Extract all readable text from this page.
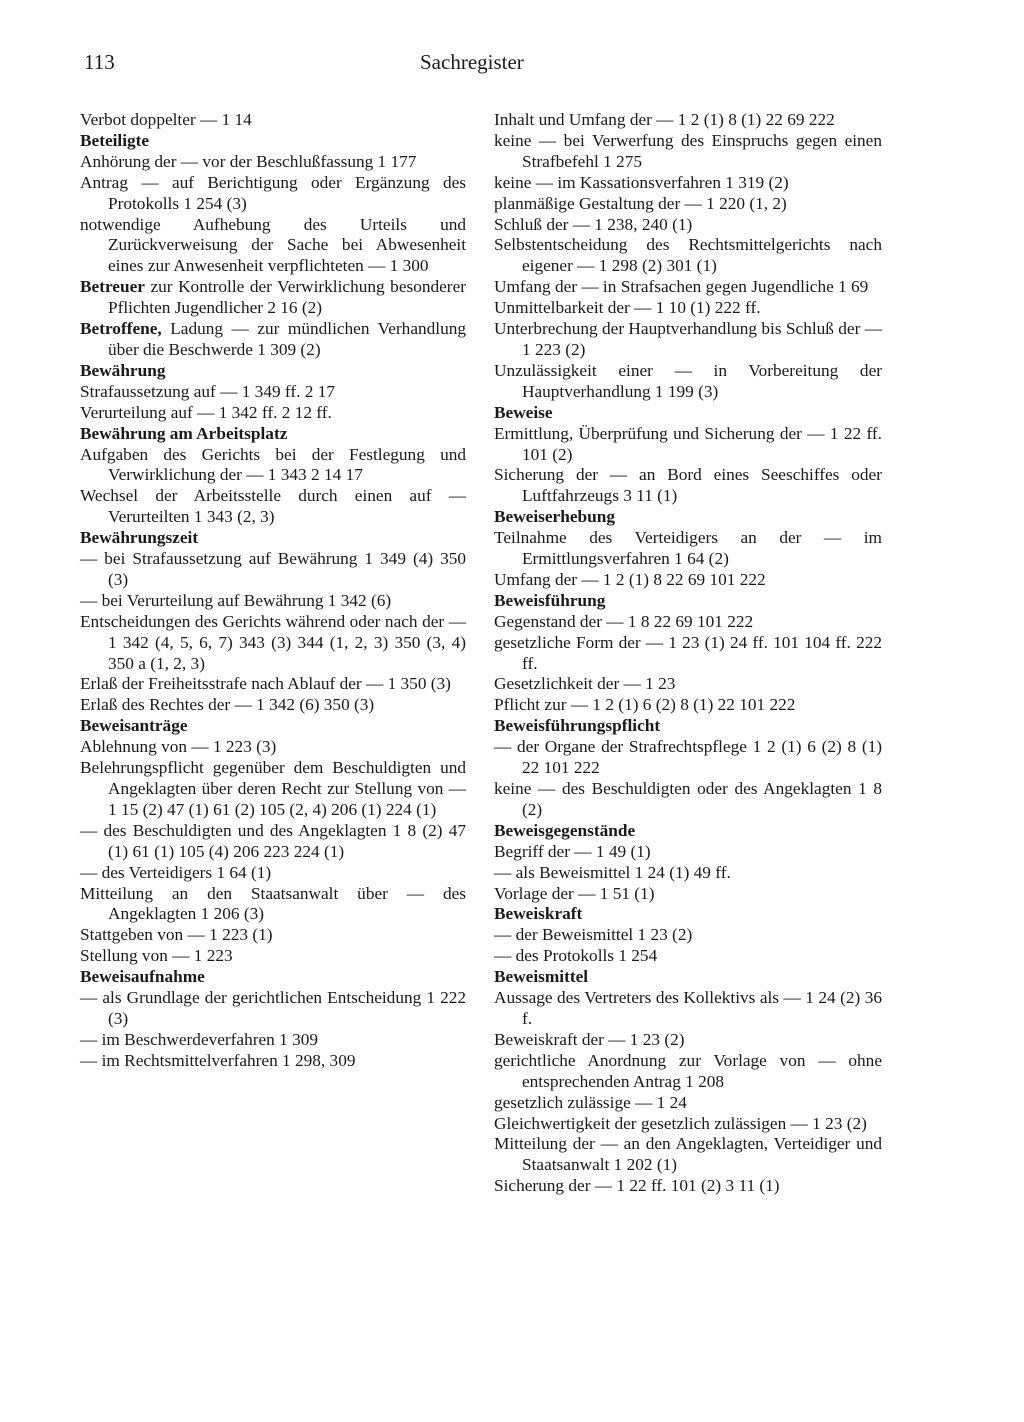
113	Sachregister
Verbot doppelter — 1 14
Beteiligte
Anhörung der — vor der Beschlußfassung 1 177
Antrag — auf Berichtigung oder Ergänzung des Protokolls 1 254 (3)
notwendige Aufhebung des Urteils und Zurückverweisung der Sache bei Abwesenheit eines zur Anwesenheit verpflichteten — 1 300
Betreuer zur Kontrolle der Verwirklichung besonderer Pflichten Jugendlicher 2 16 (2)
Betroffene, Ladung — zur mündlichen Verhandlung über die Beschwerde 1 309 (2)
Bewährung
Strafaussetzung auf — 1 349 ff. 2 17
Verurteilung auf — 1 342 ff. 2 12 ff.
Bewährung am Arbeitsplatz
Aufgaben des Gerichts bei der Festlegung und Verwirklichung der — 1 343 2 14 17
Wechsel der Arbeitsstelle durch einen auf — Verurteilten 1 343 (2, 3)
Bewährungszeit
— bei Strafaussetzung auf Bewährung 1 349 (4) 350 (3)
— bei Verurteilung auf Bewährung 1 342 (6)
Entscheidungen des Gerichts während oder nach der — 1 342 (4, 5, 6, 7) 343 (3) 344 (1, 2, 3) 350 (3, 4) 350 a (1, 2, 3)
Erlaß der Freiheitsstrafe nach Ablauf der — 1 350 (3)
Erlaß des Rechtes der — 1 342 (6) 350 (3)
Beweisanträge
Ablehnung von — 1 223 (3)
Belehrungspflicht gegenüber dem Beschuldigten und Angeklagten über deren Recht zur Stellung von — 1 15 (2) 47 (1) 61 (2) 105 (2, 4) 206 (1) 224 (1)
— des Beschuldigten und des Angeklagten 1 8 (2) 47 (1) 61 (1) 105 (4) 206 223 224 (1)
— des Verteidigers 1 64 (1)
Mitteilung an den Staatsanwalt über — des Angeklagten 1 206 (3)
Stattgeben von — 1 223 (1)
Stellung von — 1 223
Beweisaufnahme
— als Grundlage der gerichtlichen Entscheidung 1 222 (3)
— im Beschwerdeverfahren 1 309
— im Rechtsmittelverfahren 1 298, 309
Inhalt und Umfang der — 1 2 (1) 8 (1) 22 69 222
keine — bei Verwerfung des Einspruchs gegen einen Strafbefehl 1 275
keine — im Kassationsverfahren 1 319 (2)
planmäßige Gestaltung der — 1 220 (1, 2)
Schluß der — 1 238, 240 (1)
Selbstentscheidung des Rechtsmittelgerichts nach eigener — 1 298 (2) 301 (1)
Umfang der — in Strafsachen gegen Jugendliche 1 69
Unmittelbarkeit der — 1 10 (1) 222 ff.
Unterbrechung der Hauptverhandlung bis Schluß der — 1 223 (2)
Unzulässigkeit einer — in Vorbereitung der Hauptverhandlung 1 199 (3)
Beweise
Ermittlung, Überprüfung und Sicherung der — 1 22 ff. 101 (2)
Sicherung der — an Bord eines Seeschiffes oder Luftfahrzeugs 3 11 (1)
Beweiserhebung
Teilnahme des Verteidigers an der — im Ermittlungsverfahren 1 64 (2)
Umfang der — 1 2 (1) 8 22 69 101 222
Beweisführung
Gegenstand der — 1 8 22 69 101 222
gesetzliche Form der — 1 23 (1) 24 ff. 101 104 ff. 222 ff.
Gesetzlichkeit der — 1 23
Pflicht zur — 1 2 (1) 6 (2) 8 (1) 22 101 222
Beweisführungspflicht
— der Organe der Strafrechtspflege 1 2 (1) 6 (2) 8 (1) 22 101 222
keine — des Beschuldigten oder des Angeklagten 1 8 (2)
Beweisgegenstände
Begriff der — 1 49 (1)
— als Beweismittel 1 24 (1) 49 ff.
Vorlage der — 1 51 (1)
Beweiskraft
— der Beweismittel 1 23 (2)
— des Protokolls 1 254
Beweismittel
Aussage des Vertreters des Kollektivs als — 1 24 (2) 36 f.
Beweiskraft der — 1 23 (2)
gerichtliche Anordnung zur Vorlage von — ohne entsprechenden Antrag 1 208
gesetzlich zulässige — 1 24
Gleichwertigkeit der gesetzlich zulässigen — 1 23 (2)
Mitteilung der — an den Angeklagten, Verteidiger und Staatsanwalt 1 202 (1)
Sicherung der — 1 22 ff. 101 (2) 3 11 (1)
